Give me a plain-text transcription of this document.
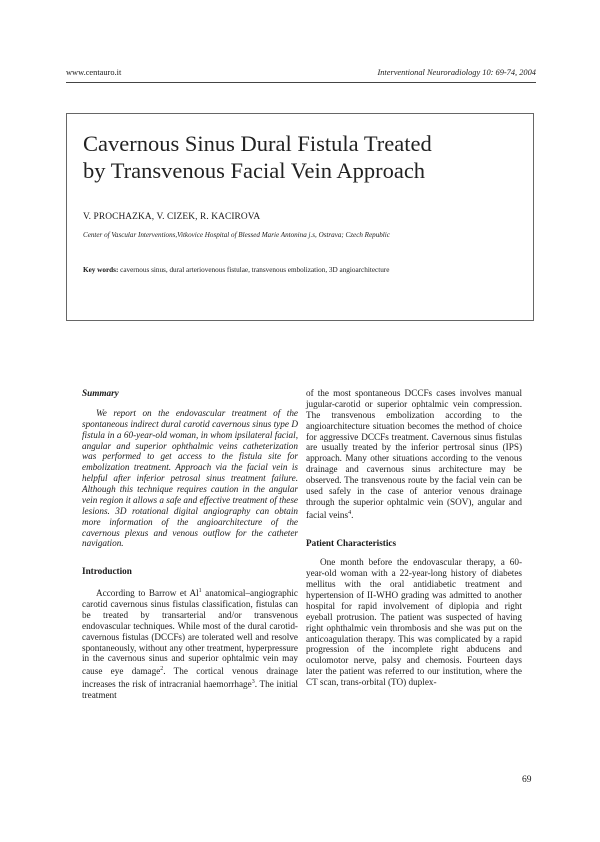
www.centauro.it	Interventional Neuroradiology 10: 69-74, 2004
Cavernous Sinus Dural Fistula Treated
by Transvenous Facial Vein Approach
V. PROCHAZKA, V. CIZEK, R. KACIROVA
Center of Vascular Interventions,Vitkovice Hospital of Blessed Marie Antonina j.s, Ostrava; Czech Republic
Key words: cavernous sinus, dural arteriovenous fistulae, transvenous embolization, 3D angioarchitecture
Summary

We report on the endovascular treatment of the spontaneous indirect dural carotid cavernous sinus type D fistula in a 60-year-old woman, in whom ipsilateral facial, angular and superior ophthalmic veins catheterization was performed to get access to the fistula site for embolization treatment. Approach via the facial vein is helpful after inferior petrosal sinus treatment failure. Although this technique requires caution in the angular vein region it allows a safe and effective treatment of these lesions. 3D rotational digital angiography can obtain more information of the angioarchitecture of the cavernous plexus and venous outflow for the catheter navigation.

Introduction

According to Barrow et Al$^1$ anatomical–angiographic carotid cavernous sinus fistulas classification, fistulas can be treated by transarterial and/or transvenous endovascular techniques. While most of the dural carotid-cavernous fistulas (DCCFs) are tolerated well and resolve spontaneously, without any other treatment, hyperpressure in the cavernous sinus and superior ophtalmic vein may cause eye damage$^2$. The cortical venous drainage increases the risk of intracranial haemorrhage$^3$. The initial treatment

of the most spontaneous DCCFs cases involves manual jugular-carotid or superior ophtalmic vein compression. The transvenous embolization according to the angioarchitecture situation becomes the method of choice for aggressive DCCFs treatment. Cavernous sinus fistulas are usually treated by the inferior pertrosal sinus (IPS) approach. Many other situations according to the venous drainage and cavernous sinus architecture may be observed. The transvenous route by the facial vein can be used safely in the case of anterior venous drainage through the superior ophtalmic vein (SOV), angular and facial veins$^4$.

Patient Characteristics

One month before the endovascular therapy, a 60-year-old woman with a 22-year-long history of diabetes mellitus with the oral antidiabetic treatment and hypertension of II-WHO grading was admitted to another hospital for rapid involvement of diplopia and right eyeball protrusion. The patient was suspected of having right ophthalmic vein thrombosis and she was put on the anticoagulation therapy. This was complicated by a rapid progression of the incomplete right abducens and oculomotor nerve, palsy and chemosis. Fourteen days later the patient was referred to our institution, where the CT scan, trans-orbital (TO) duplex-

69
